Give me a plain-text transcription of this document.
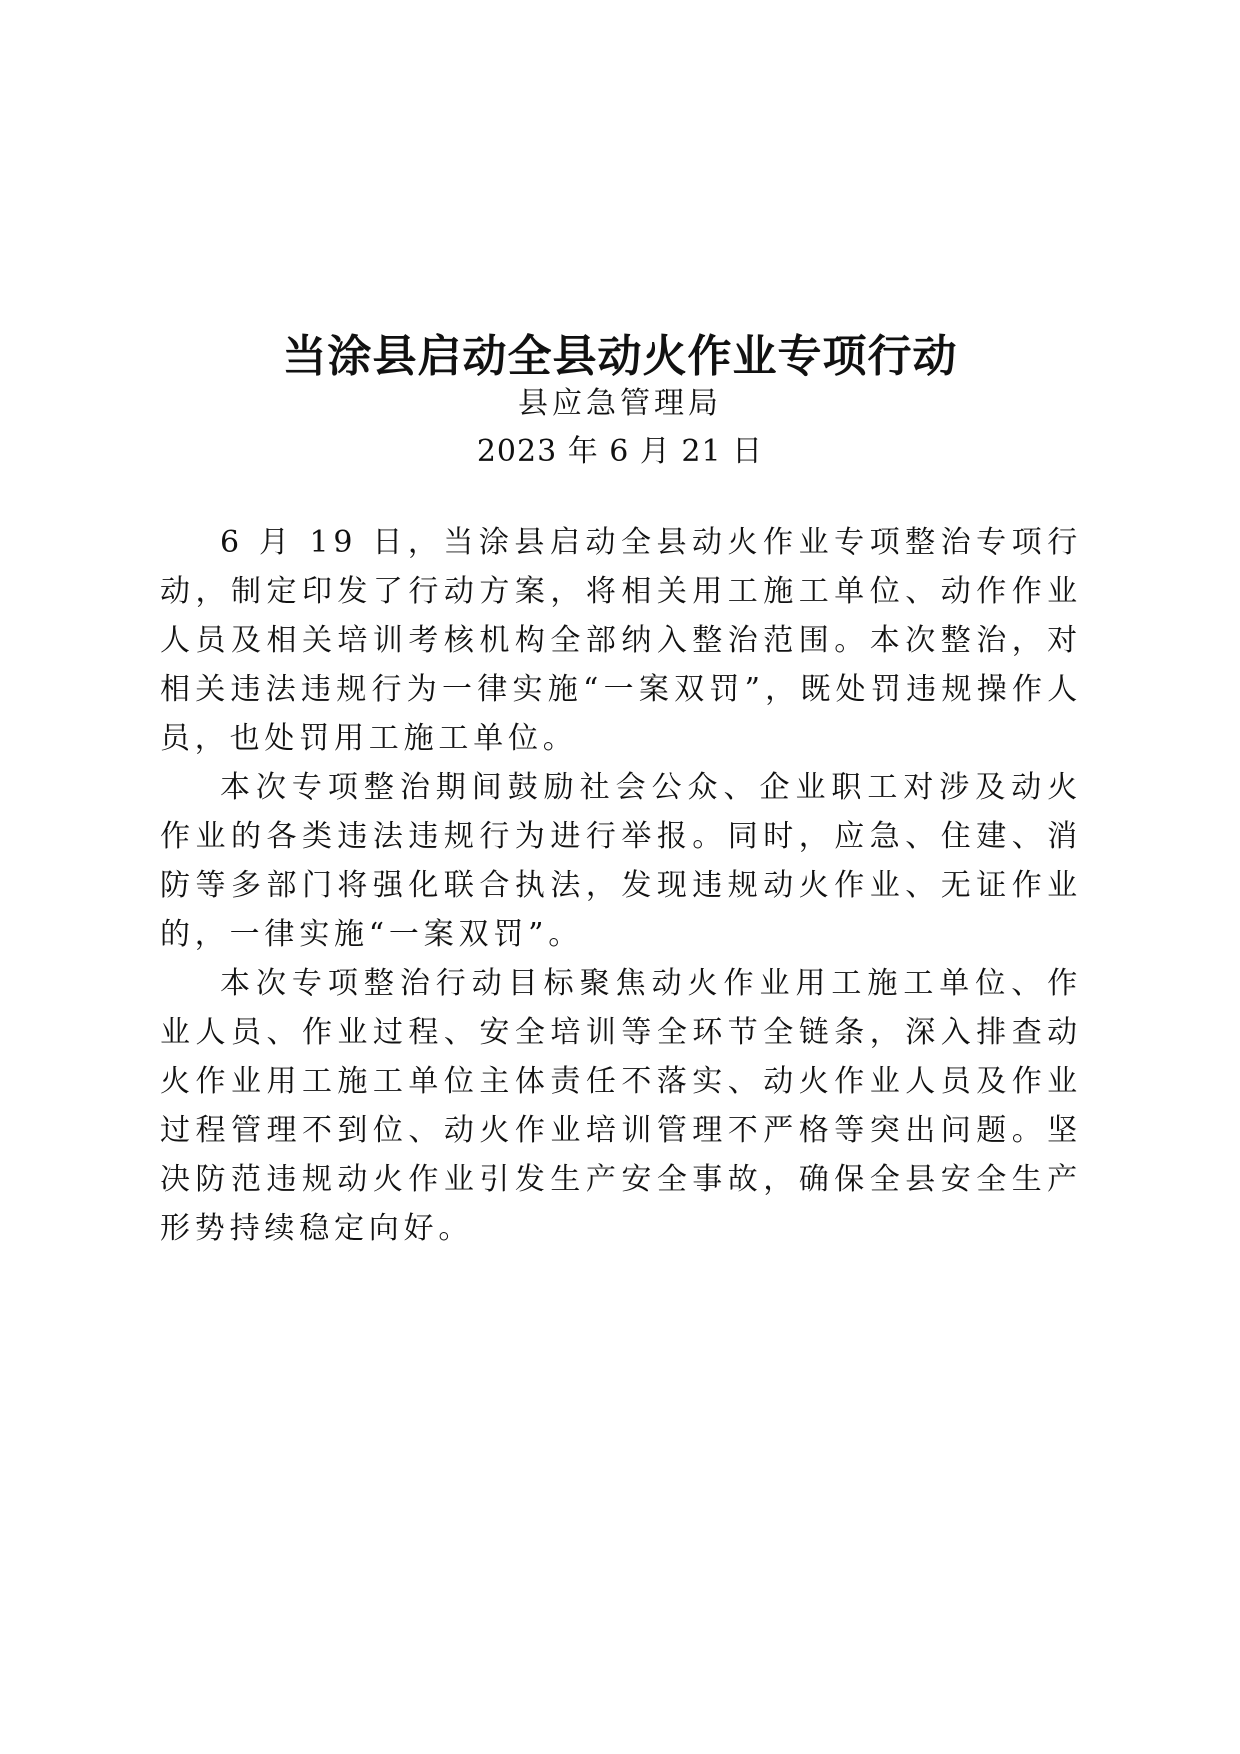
当涂县启动全县动火作业专项行动
县应急管理局
2023 年 6 月 21 日

6 月 19 日，当涂县启动全县动火作业专项整治专项行动，制定印发了行动方案，将相关用工施工单位、动作作业人员及相关培训考核机构全部纳入整治范围。本次整治，对相关违法违规行为一律实施“一案双罚”，既处罚违规操作人员，也处罚用工施工单位。

本次专项整治期间鼓励社会公众、企业职工对涉及动火作业的各类违法违规行为进行举报。同时，应急、住建、消防等多部门将强化联合执法，发现违规动火作业、无证作业的，一律实施“一案双罚”。

本次专项整治行动目标聚焦动火作业用工施工单位、作业人员、作业过程、安全培训等全环节全链条，深入排查动火作业用工施工单位主体责任不落实、动火作业人员及作业过程管理不到位、动火作业培训管理不严格等突出问题。坚决防范违规动火作业引发生产安全事故，确保全县安全生产形势持续稳定向好。
